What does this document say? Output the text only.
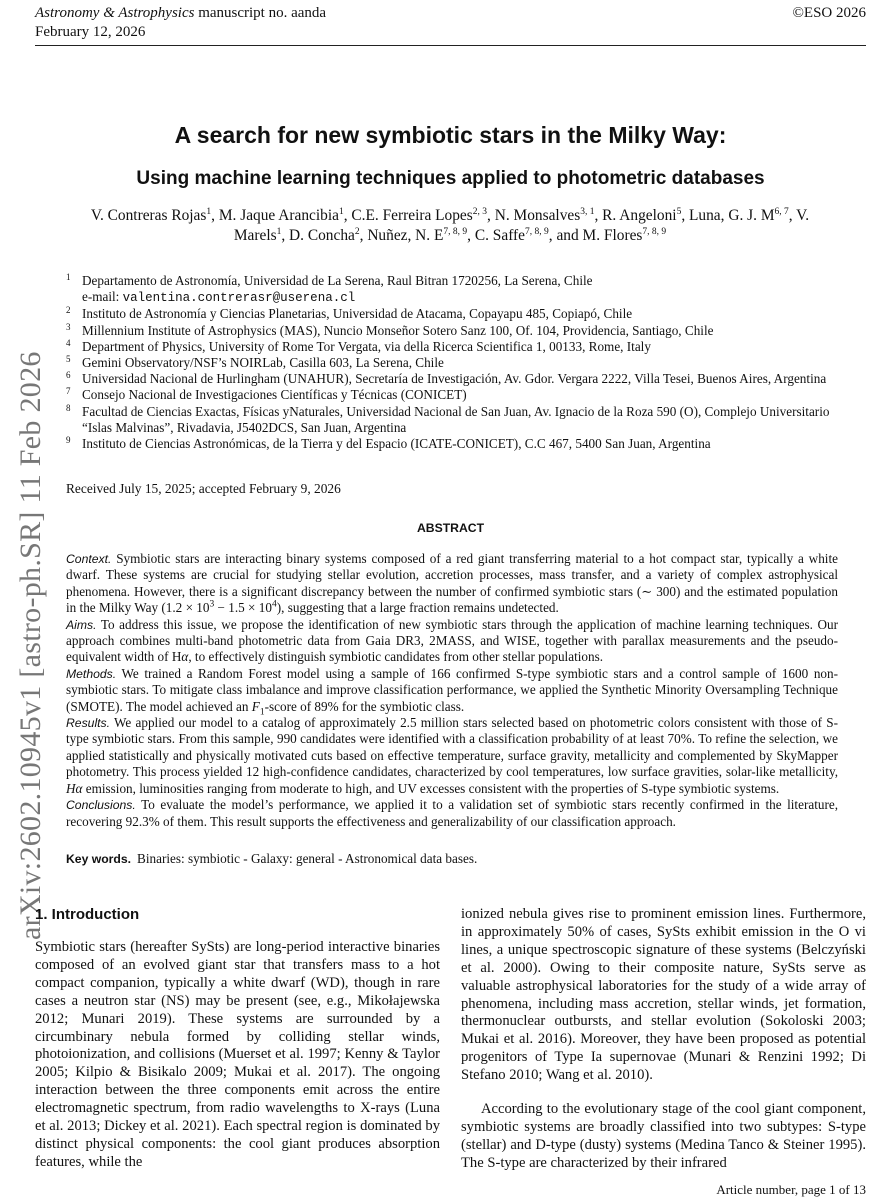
Astronomy & Astrophysics manuscript no. aanda
February 12, 2026
©ESO 2026
arXiv:2602.10945v1 [astro-ph.SR] 11 Feb 2026
A search for new symbiotic stars in the Milky Way:
Using machine learning techniques applied to photometric databases
V. Contreras Rojas$^1$, M. Jaque Arancibia$^1$, C.E. Ferreira Lopes$^{2, 3}$, N. Monsalves$^{3, 1}$, R. Angeloni$^5$, Luna, G. J. M$^{6, 7}$, V.
Marels$^1$, D. Concha$^2$, Nuñez, N. E$^{7, 8, 9}$, C. Saffe$^{7, 8, 9}$, and M. Flores$^{7, 8, 9}$
1 Departamento de Astronomía, Universidad de La Serena, Raul Bitran 1720256, La Serena, Chile
e-mail: valentina.contrerasr@userena.cl
2 Instituto de Astronomía y Ciencias Planetarias, Universidad de Atacama, Copayapu 485, Copiapó, Chile
3 Millennium Institute of Astrophysics (MAS), Nuncio Monseñor Sotero Sanz 100, Of. 104, Providencia, Santiago, Chile
4 Department of Physics, University of Rome Tor Vergata, via della Ricerca Scientifica 1, 00133, Rome, Italy
5 Gemini Observatory/NSF’s NOIRLab, Casilla 603, La Serena, Chile
6 Universidad Nacional de Hurlingham (UNAHUR), Secretaría de Investigación, Av. Gdor. Vergara 2222, Villa Tesei, Buenos Aires, Argentina
7 Consejo Nacional de Investigaciones Científicas y Técnicas (CONICET)
8 Facultad de Ciencias Exactas, Físicas yNaturales, Universidad Nacional de San Juan, Av. Ignacio de la Roza 590 (O), Complejo Universitario “Islas Malvinas”, Rivadavia, J5402DCS, San Juan, Argentina
9 Instituto de Ciencias Astronómicas, de la Tierra y del Espacio (ICATE-CONICET), C.C 467, 5400 San Juan, Argentina
Received July 15, 2025; accepted February 9, 2026
ABSTRACT

Context. Symbiotic stars are interacting binary systems composed of a red giant transferring material to a hot compact star, typically a white dwarf. These systems are crucial for studying stellar evolution, accretion processes, mass transfer, and a variety of complex astrophysical phenomena. However, there is a significant discrepancy between the number of confirmed symbiotic stars (∼ 300) and the estimated population in the Milky Way $(1.2 \times 10^3 - 1.5 \times 10^4)$, suggesting that a large fraction remains undetected.

Aims. To address this issue, we propose the identification of new symbiotic stars through the application of machine learning techniques. Our approach combines multi-band photometric data from Gaia DR3, 2MASS, and WISE, together with parallax measurements and the pseudo-equivalent width of Hα, to effectively distinguish symbiotic candidates from other stellar populations.

Methods. We trained a Random Forest model using a sample of 166 confirmed S-type symbiotic stars and a control sample of 1600 non-symbiotic stars. To mitigate class imbalance and improve classification performance, we applied the Synthetic Minority Oversampling Technique (SMOTE). The model achieved an $F_1$-score of 89% for the symbiotic class.

Results. We applied our model to a catalog of approximately 2.5 million stars selected based on photometric colors consistent with those of S-type symbiotic stars. From this sample, 990 candidates were identified with a classification probability of at least 70%. To refine the selection, we applied statistically and physically motivated cuts based on effective temperature, surface gravity, metallicity and complemented by SkyMapper photometry. This process yielded 12 high-confidence candidates, characterized by cool temperatures, low surface gravities, solar-like metallicity, Hα emission, luminosities ranging from moderate to high, and UV excesses consistent with the properties of S-type symbiotic systems.

Conclusions. To evaluate the model’s performance, we applied it to a validation set of symbiotic stars recently confirmed in the literature, recovering 92.3% of them. This result supports the effectiveness and generalizability of our classification approach.

Key words. Binaries: symbiotic - Galaxy: general - Astronomical data bases.
1. Introduction

Symbiotic stars (hereafter SySts) are long-period interactive binaries composed of an evolved giant star that transfers mass to a hot compact companion, typically a white dwarf (WD), though in rare cases a neutron star (NS) may be present (see, e.g., Mikołajewska 2012; Munari 2019). These systems are surrounded by a circumbinary nebula formed by colliding stellar winds, photoionization, and collisions (Muerset et al. 1997; Kenny & Taylor 2005; Kilpio & Bisikalo 2009; Mukai et al. 2017). The ongoing interaction between the three components emit across the entire electromagnetic spectrum, from radio wavelengths to X-rays (Luna et al. 2013; Dickey et al. 2021). Each spectral region is dominated by distinct physical components: the cool giant produces absorption features, while the

ionized nebula gives rise to prominent emission lines. Furthermore, in approximately 50% of cases, SySts exhibit emission in the O vi lines, a unique spectroscopic signature of these systems (Belczyński et al. 2000). Owing to their composite nature, SySts serve as valuable astrophysical laboratories for the study of a wide array of phenomena, including mass accretion, stellar winds, jet formation, thermonuclear outbursts, and stellar evolution (Sokoloski 2003; Mukai et al. 2016). Moreover, they have been proposed as potential progenitors of Type Ia supernovae (Munari & Renzini 1992; Di Stefano 2010; Wang et al. 2010).

According to the evolutionary stage of the cool giant component, symbiotic systems are broadly classified into two subtypes: S-type (stellar) and D-type (dusty) systems (Medina Tanco & Steiner 1995). The S-type are characterized by their infrared

Article number, page 1 of 13
